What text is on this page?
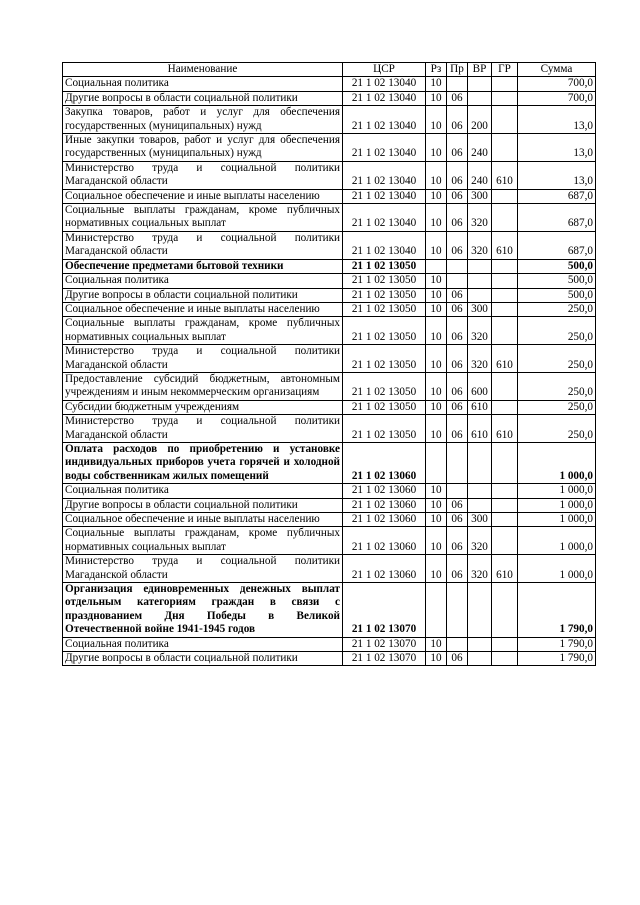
Наименование	ЦСР	Рз	Пр	ВР	ГР	Сумма
Социальная политика	21 1 02 13040	10				700,0
Другие вопросы в области социальной политики	21 1 02 13040	10	06			700,0
Закупка товаров, работ и услуг для обеспечения государственных (муниципальных) нужд	21 1 02 13040	10	06	200		13,0
Иные закупки товаров, работ и услуг для обеспечения государственных (муниципальных) нужд	21 1 02 13040	10	06	240		13,0
Министерство труда и социальной политики Магаданской области	21 1 02 13040	10	06	240	610	13,0
Социальное обеспечение и иные выплаты населению	21 1 02 13040	10	06	300		687,0
Социальные выплаты гражданам, кроме публичных нормативных социальных выплат	21 1 02 13040	10	06	320		687,0
Министерство труда и социальной политики Магаданской области	21 1 02 13040	10	06	320	610	687,0
Обеспечение предметами бытовой техники	21 1 02 13050					500,0
Социальная политика	21 1 02 13050	10				500,0
Другие вопросы в области социальной политики	21 1 02 13050	10	06			500,0
Социальное обеспечение и иные выплаты населению	21 1 02 13050	10	06	300		250,0
Социальные выплаты гражданам, кроме публичных нормативных социальных выплат	21 1 02 13050	10	06	320		250,0
Министерство труда и социальной политики Магаданской области	21 1 02 13050	10	06	320	610	250,0
Предоставление субсидий бюджетным, автономным учреждениям и иным некоммерческим организациям	21 1 02 13050	10	06	600		250,0
Субсидии бюджетным учреждениям	21 1 02 13050	10	06	610		250,0
Министерство труда и социальной политики Магаданской области	21 1 02 13050	10	06	610	610	250,0
Оплата расходов по приобретению и установке индивидуальных приборов учета горячей и холодной воды собственникам жилых помещений	21 1 02 13060					1 000,0
Социальная политика	21 1 02 13060	10				1 000,0
Другие вопросы в области социальной политики	21 1 02 13060	10	06			1 000,0
Социальное обеспечение и иные выплаты населению	21 1 02 13060	10	06	300		1 000,0
Социальные выплаты гражданам, кроме публичных нормативных социальных выплат	21 1 02 13060	10	06	320		1 000,0
Министерство труда и социальной политики Магаданской области	21 1 02 13060	10	06	320	610	1 000,0
Организация единовременных денежных выплат отдельным категориям граждан в связи с празднованием Дня Победы в Великой Отечественной войне 1941-1945 годов	21 1 02 13070					1 790,0
Социальная политика	21 1 02 13070	10				1 790,0
Другие вопросы в области социальной политики	21 1 02 13070	10	06			1 790,0
